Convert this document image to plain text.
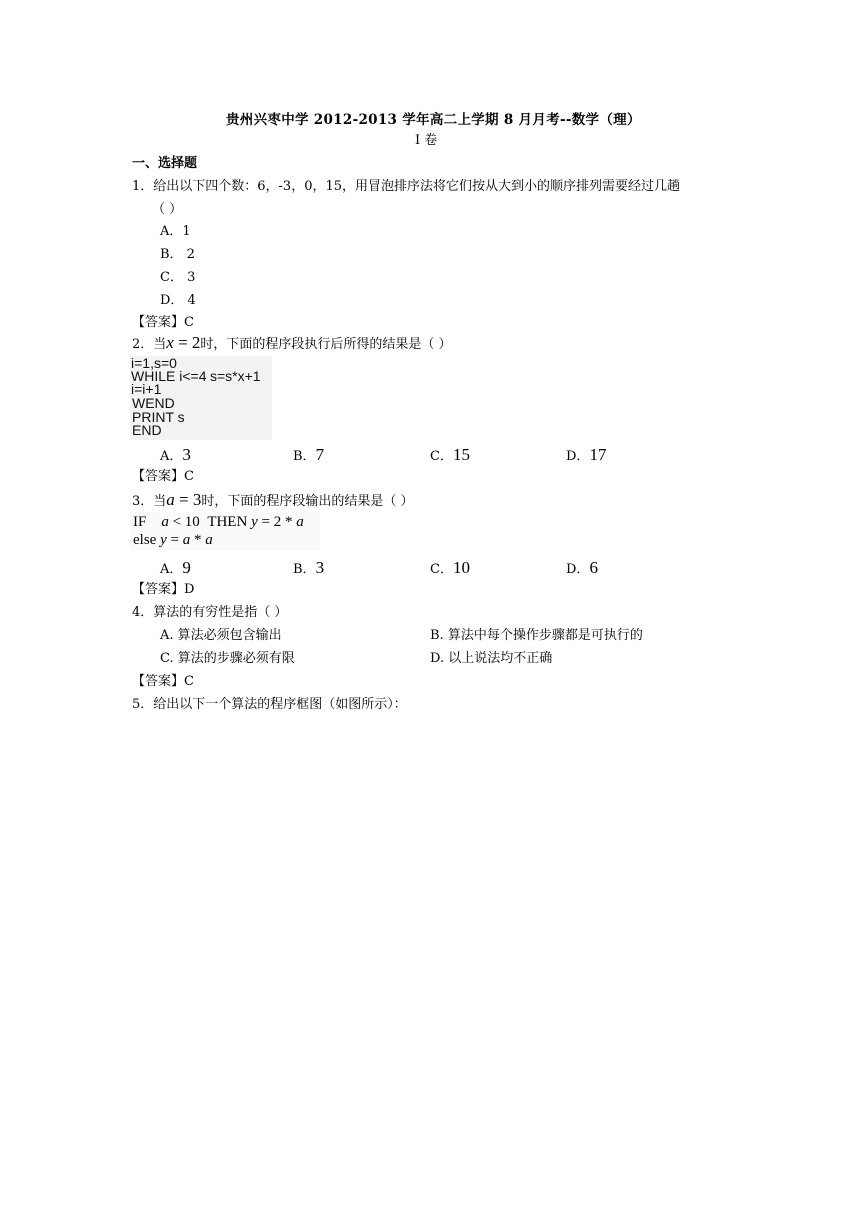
贵州兴枣中学 2012-2013 学年高二上学期 8 月月考--数学（理）
I 卷
一、选择题
1．给出以下四个数：6，-3，0，15，用冒泡排序法将它们按从大到小的顺序排列需要经过几趟
（ ）
A．1
B． 2
C． 3
D． 4
【答案】C
2．当x = 2时，下面的程序段执行后所得的结果是（ ）
i=1,s=0
WHILE i<=4 s=s*x+1
i=i+1
WEND
PRINT s
END
A．3	B．7	C．15	D．17
【答案】C
3．当a = 3时，下面的程序段输出的结果是（ ）
IF a < 10 THEN y = 2 * a
else y = a * a
A．9	B．3	C．10	D．6
【答案】D
4．算法的有穷性是指（ ）
A. 算法必须包含输出	B. 算法中每个操作步骤都是可执行的
C. 算法的步骤必须有限	D. 以上说法均不正确
【答案】C
5．给出以下一个算法的程序框图（如图所示）：
